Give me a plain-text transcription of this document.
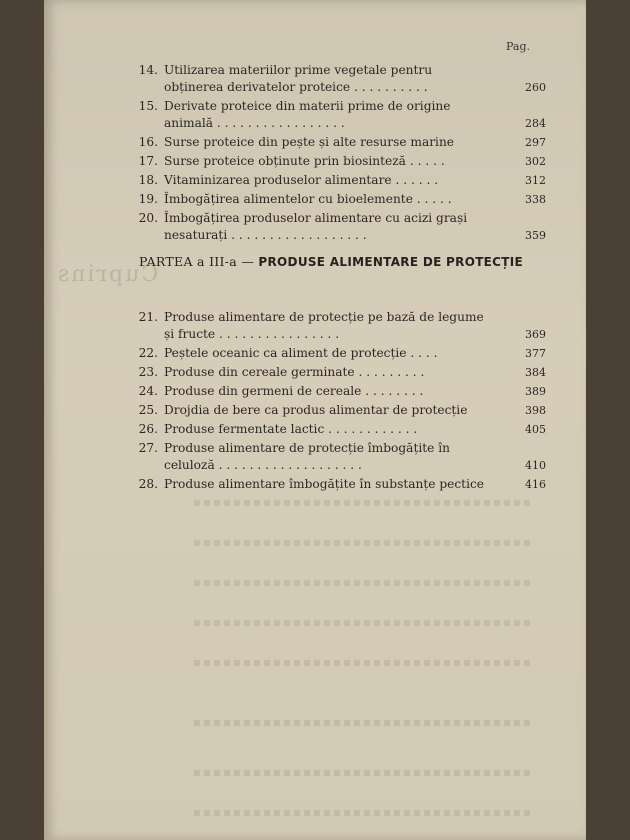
Cuprins
Pag.
14. Utilizarea materiilor prime vegetale pentru obținerea derivatelor proteice . . . . . . . . . .	260
15. Derivate proteice din materii prime de origine animală . . . . . . . . . . . . . . . . .	284
16. Surse proteice din pește și alte resurse marine	297
17. Surse proteice obținute prin biosinteză . . . . .	302
18. Vitaminizarea produselor alimentare . . . . . .	312
19. Îmbogățirea alimentelor cu bioelemente . . . . .	338
20. Îmbogățirea produselor alimentare cu acizi grași nesaturați . . . . . . . . . . . . . . . . . .	359
PARTEA a III-a — PRODUSE ALIMENTARE DE PROTECȚIE
21. Produse alimentare de protecție pe bază de legume și fructe . . . . . . . . . . . . . . . .	369
22. Peștele oceanic ca aliment de protecție . . . .	377
23. Produse din cereale germinate . . . . . . . . .	384
24. Produse din germeni de cereale . . . . . . . .	389
25. Drojdia de bere ca produs alimentar de protecție	398
26. Produse fermentate lactic . . . . . . . . . . . .	405
27. Produse alimentare de protecție îmbogățite în celuloză . . . . . . . . . . . . . . . . . . .	410
28. Produse alimentare îmbogățite în substanțe pectice	416
